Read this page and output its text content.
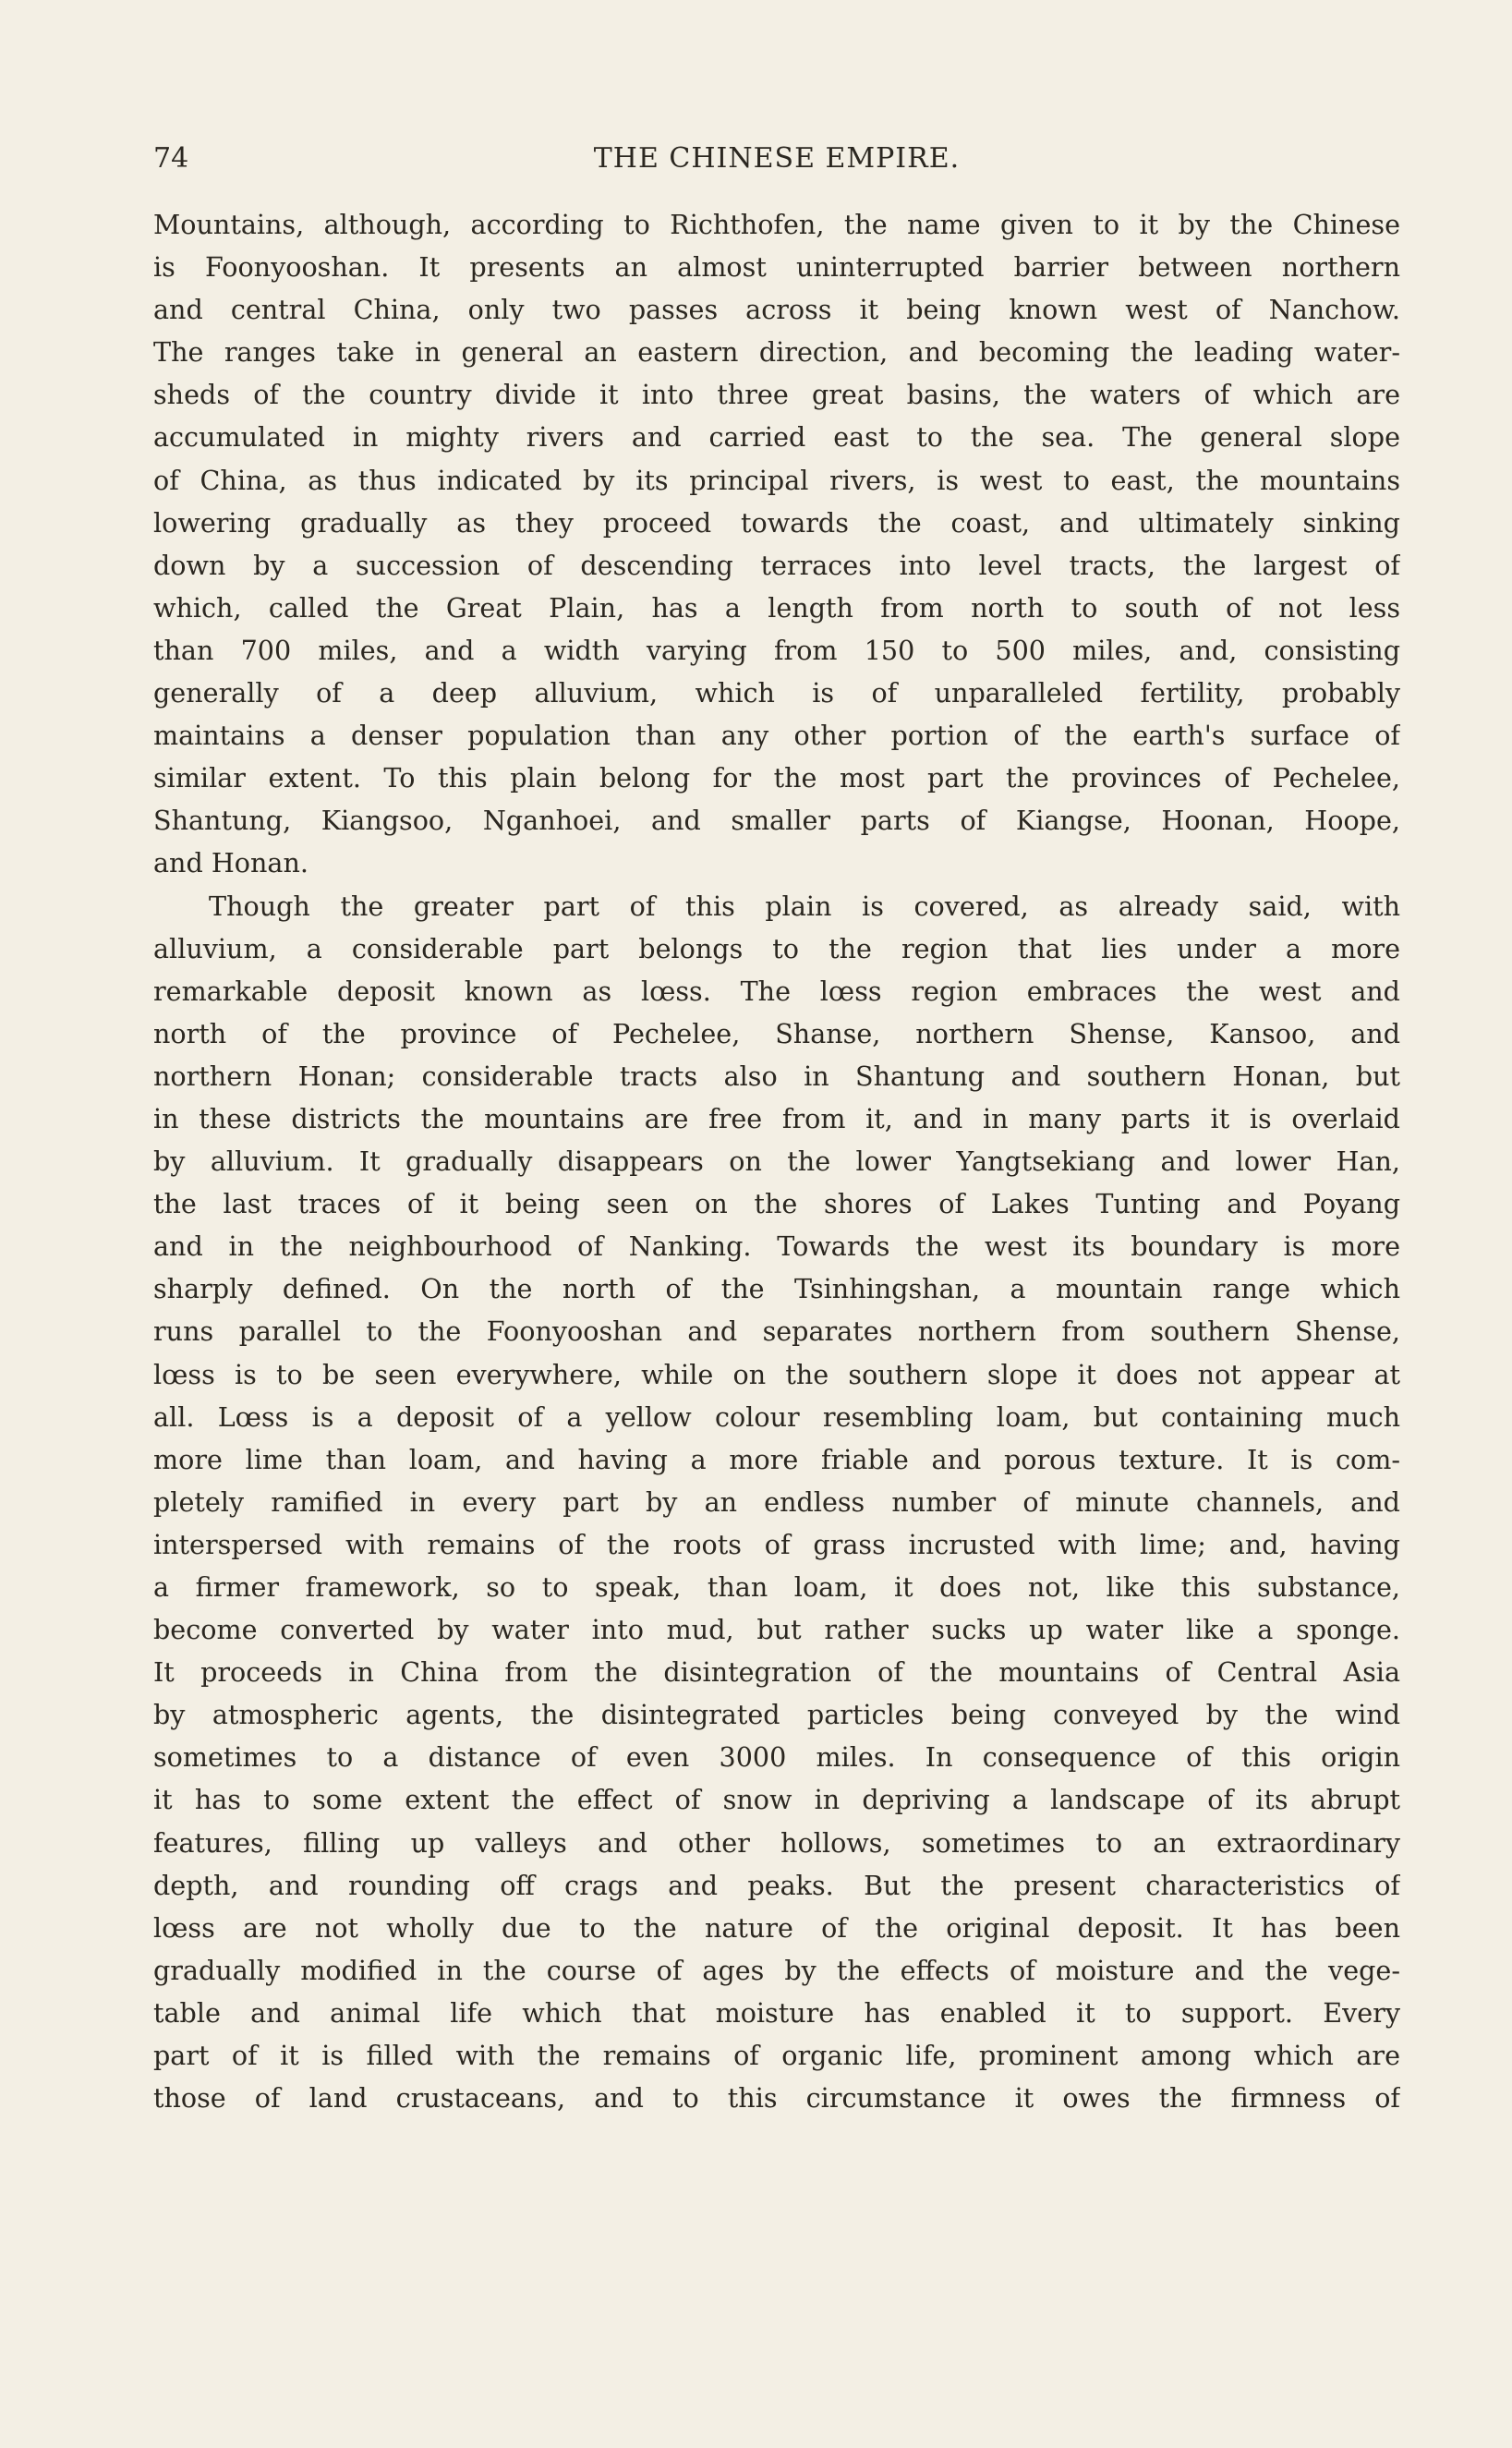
74	THE CHINESE EMPIRE.
Mountains, although, according to Richthofen, the name given to it by the Chinese
is Foonyooshan. It presents an almost uninterrupted barrier between northern
and central China, only two passes across it being known west of Nanchow.
The ranges take in general an eastern direction, and becoming the leading water-
sheds of the country divide it into three great basins, the waters of which are
accumulated in mighty rivers and carried east to the sea. The general slope
of China, as thus indicated by its principal rivers, is west to east, the mountains
lowering gradually as they proceed towards the coast, and ultimately sinking
down by a succession of descending terraces into level tracts, the largest of
which, called the Great Plain, has a length from north to south of not less
than 700 miles, and a width varying from 150 to 500 miles, and, consisting
generally of a deep alluvium, which is of unparalleled fertility, probably
maintains a denser population than any other portion of the earth's surface of
similar extent. To this plain belong for the most part the provinces of Pechelee,
Shantung, Kiangsoo, Nganhoei, and smaller parts of Kiangse, Hoonan, Hoope,
and Honan.
Though the greater part of this plain is covered, as already said, with
alluvium, a considerable part belongs to the region that lies under a more
remarkable deposit known as lœss. The lœss region embraces the west and
north of the province of Pechelee, Shanse, northern Shense, Kansoo, and
northern Honan; considerable tracts also in Shantung and southern Honan, but
in these districts the mountains are free from it, and in many parts it is overlaid
by alluvium. It gradually disappears on the lower Yangtsekiang and lower Han,
the last traces of it being seen on the shores of Lakes Tunting and Poyang
and in the neighbourhood of Nanking. Towards the west its boundary is more
sharply defined. On the north of the Tsinhingshan, a mountain range which
runs parallel to the Foonyooshan and separates northern from southern Shense,
lœss is to be seen everywhere, while on the southern slope it does not appear at
all. Lœss is a deposit of a yellow colour resembling loam, but containing much
more lime than loam, and having a more friable and porous texture. It is com-
pletely ramified in every part by an endless number of minute channels, and
interspersed with remains of the roots of grass incrusted with lime; and, having
a firmer framework, so to speak, than loam, it does not, like this substance,
become converted by water into mud, but rather sucks up water like a sponge.
It proceeds in China from the disintegration of the mountains of Central Asia
by atmospheric agents, the disintegrated particles being conveyed by the wind
sometimes to a distance of even 3000 miles. In consequence of this origin
it has to some extent the effect of snow in depriving a landscape of its abrupt
features, filling up valleys and other hollows, sometimes to an extraordinary
depth, and rounding off crags and peaks. But the present characteristics of
lœss are not wholly due to the nature of the original deposit. It has been
gradually modified in the course of ages by the effects of moisture and the vege-
table and animal life which that moisture has enabled it to support. Every
part of it is filled with the remains of organic life, prominent among which are
those of land crustaceans, and to this circumstance it owes the firmness of
